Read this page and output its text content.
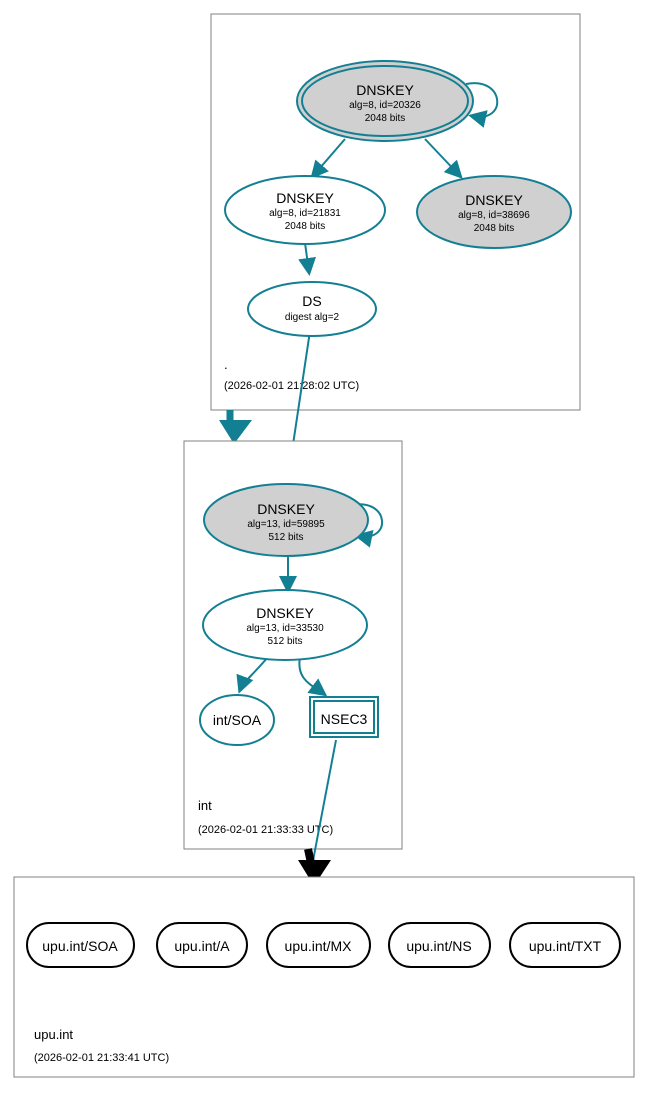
.
(2026-02-01 21:28:02 UTC)
DNSKEY
alg=8, id=20326
2048 bits
DNSKEY
alg=8, id=21831
2048 bits
DNSKEY
alg=8, id=38696
2048 bits
DS
digest alg=2
int
(2026-02-01 21:33:33 UTC)
DNSKEY
alg=13, id=59895
512 bits
DNSKEY
alg=13, id=33530
512 bits
int/SOA	NSEC3
upu.int
(2026-02-01 21:33:41 UTC)
upu.int/SOA	upu.int/A	upu.int/MX	upu.int/NS	upu.int/TXT
